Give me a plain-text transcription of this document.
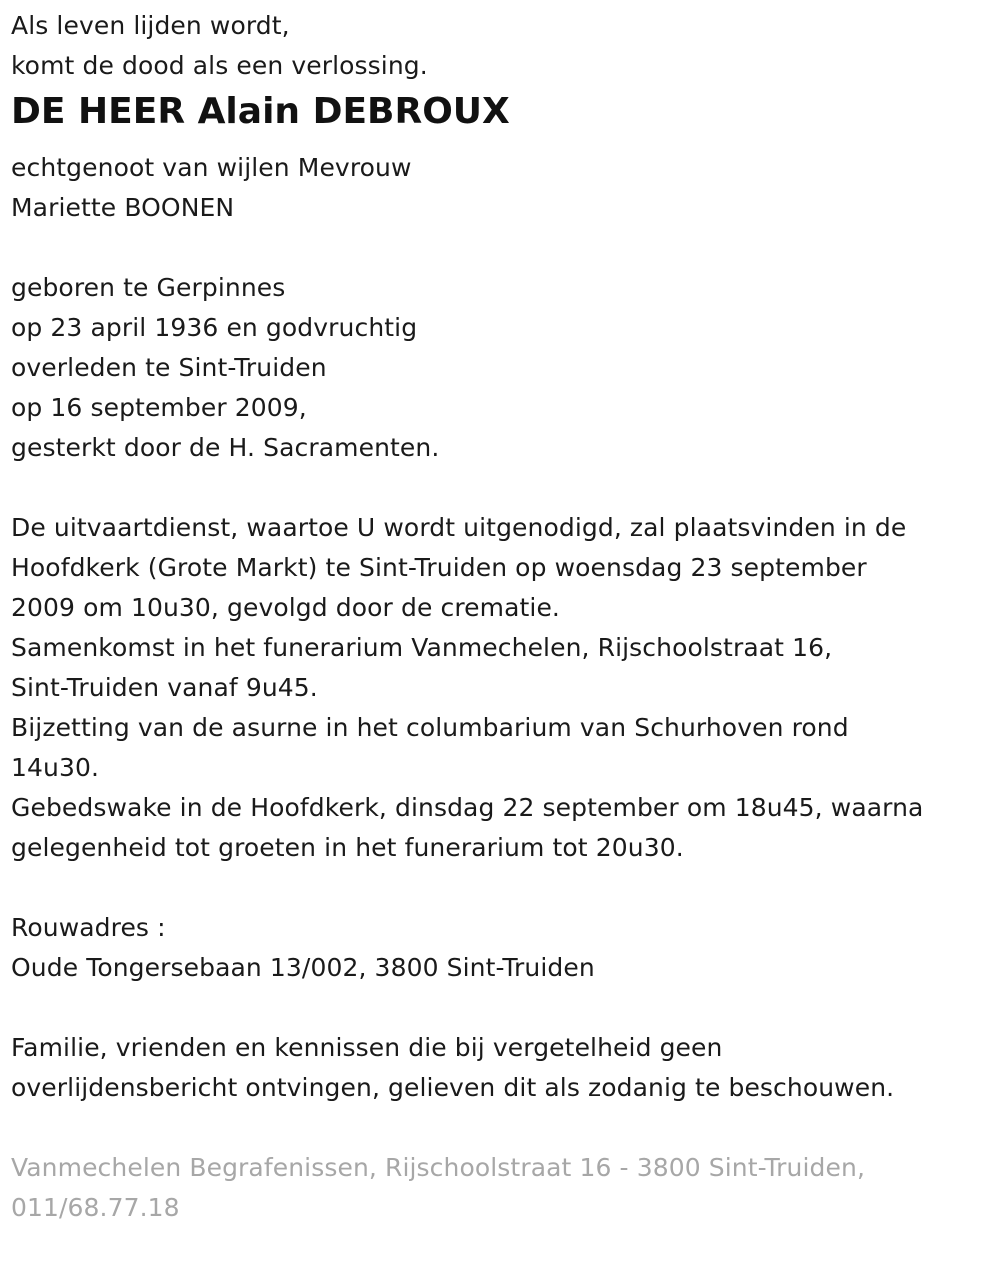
Als leven lijden wordt,
komt de dood als een verlossing.
DE HEER Alain DEBROUX
echtgenoot van wijlen Mevrouw
Mariette BOONEN
geboren te Gerpinnes
op 23 april 1936 en godvruchtig
overleden te Sint-Truiden
op 16 september 2009,
gesterkt door de H. Sacramenten.
De uitvaartdienst, waartoe U wordt uitgenodigd, zal plaatsvinden in de
Hoofdkerk (Grote Markt) te Sint-Truiden op woensdag 23 september
2009 om 10u30, gevolgd door de crematie.
Samenkomst in het funerarium Vanmechelen, Rijschoolstraat 16,
Sint-Truiden vanaf 9u45.
Bijzetting van de asurne in het columbarium van Schurhoven rond
14u30.
Gebedswake in de Hoofdkerk, dinsdag 22 september om 18u45, waarna
gelegenheid tot groeten in het funerarium tot 20u30.
Rouwadres :
Oude Tongersebaan 13/002, 3800 Sint-Truiden
Familie, vrienden en kennissen die bij vergetelheid geen
overlijdensbericht ontvingen, gelieven dit als zodanig te beschouwen.
Vanmechelen Begrafenissen, Rijschoolstraat 16 - 3800 Sint-Truiden,
011/68.77.18
